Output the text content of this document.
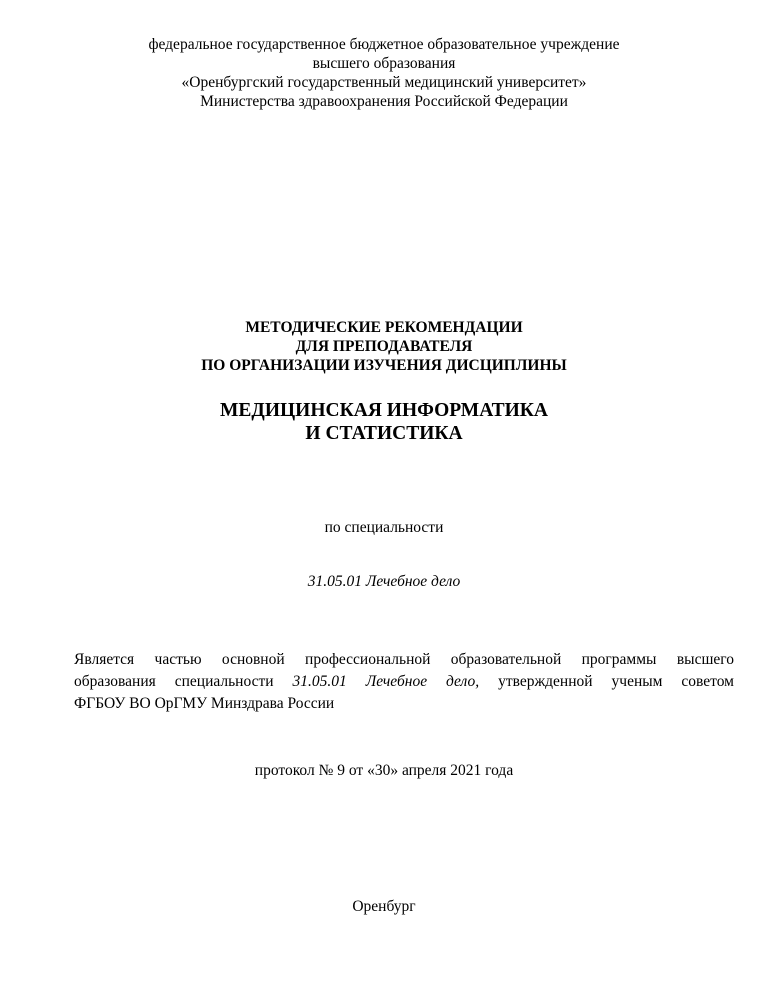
федеральное государственное бюджетное образовательное учреждение
высшего образования
«Оренбургский государственный медицинский университет»
Министерства здравоохранения Российской Федерации
МЕТОДИЧЕСКИЕ РЕКОМЕНДАЦИИ
ДЛЯ ПРЕПОДАВАТЕЛЯ
ПО ОРГАНИЗАЦИИ ИЗУЧЕНИЯ ДИСЦИПЛИНЫ
МЕДИЦИНСКАЯ ИНФОРМАТИКА
И СТАТИСТИКА
по специальности
31.05.01 Лечебное дело
Является частью основной профессиональной образовательной программы высшего
образования специальности 31.05.01 Лечебное дело, утвержденной ученым советом
ФГБОУ ВО ОрГМУ Минздрава России
протокол № 9 от «30» апреля 2021 года
Оренбург
